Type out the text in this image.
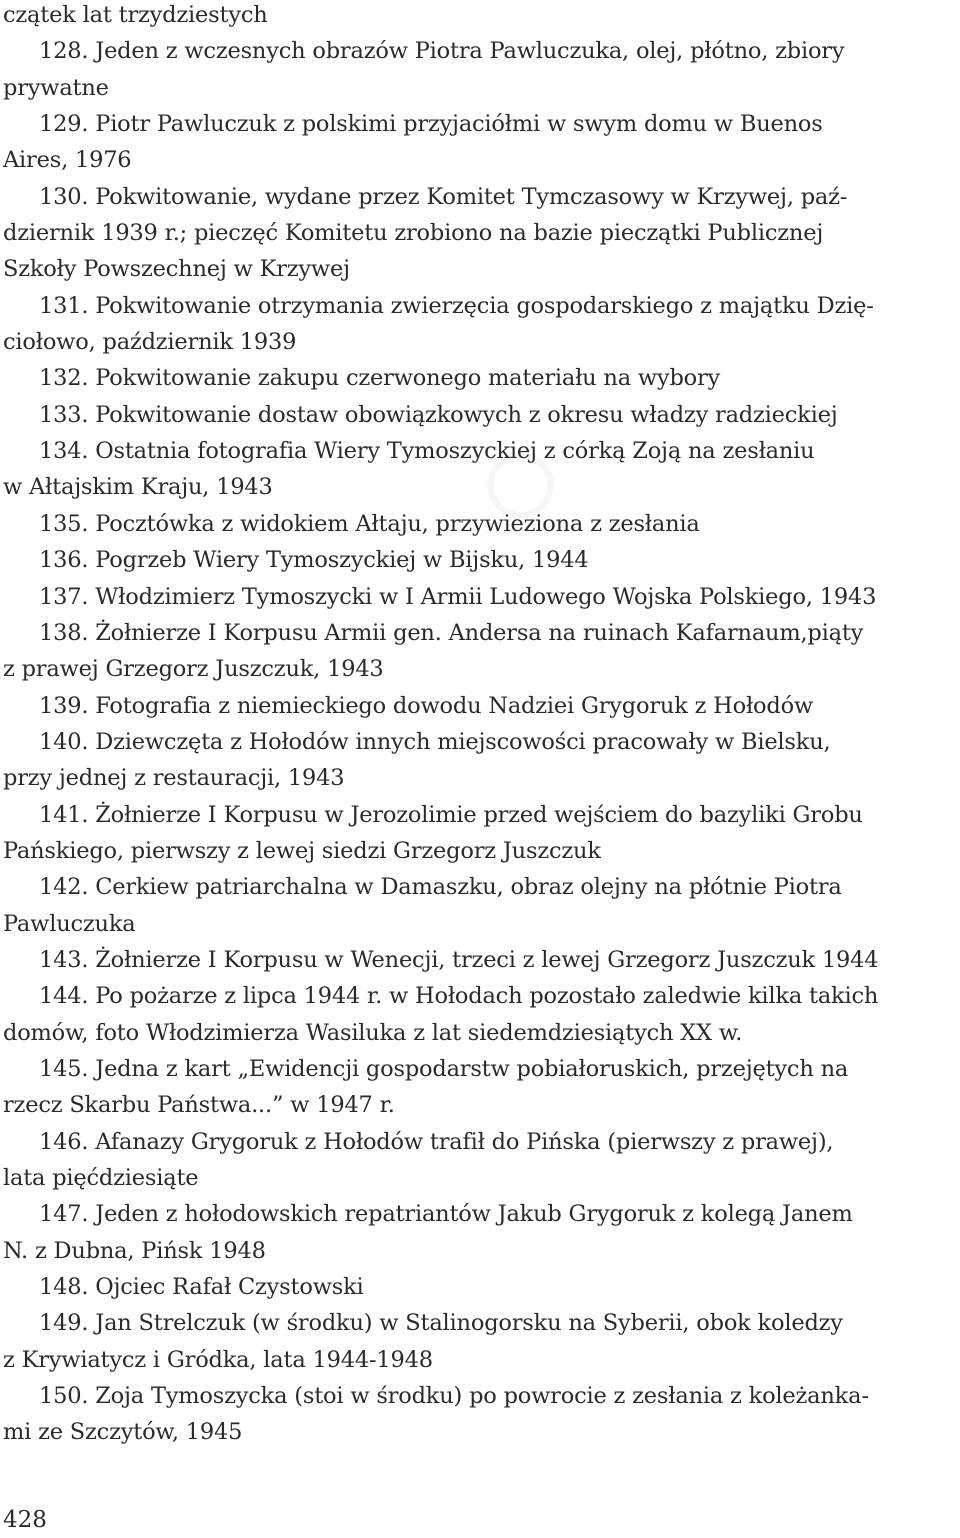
czątek lat trzydziestych
128. Jeden z wczesnych obrazów Piotra Pawluczuka, olej, płótno, zbiory
prywatne
129. Piotr Pawluczuk z polskimi przyjaciółmi w swym domu w Buenos
Aires, 1976
130. Pokwitowanie, wydane przez Komitet Tymczasowy w Krzywej, paź-
dziernik 1939 r.; pieczęć Komitetu zrobiono na bazie pieczątki Publicznej
Szkoły Powszechnej w Krzywej
131. Pokwitowanie otrzymania zwierzęcia gospodarskiego z majątku Dzię-
ciołowo, październik 1939
132. Pokwitowanie zakupu czerwonego materiału na wybory
133. Pokwitowanie dostaw obowiązkowych z okresu władzy radzieckiej
134. Ostatnia fotografia Wiery Tymoszyckiej z córką Zoją na zesłaniu
w Ałtajskim Kraju, 1943
135. Pocztówka z widokiem Ałtaju, przywieziona z zesłania
136. Pogrzeb Wiery Tymoszyckiej w Bijsku, 1944
137. Włodzimierz Tymoszycki w I Armii Ludowego Wojska Polskiego, 1943
138. Żołnierze I Korpusu Armii gen. Andersa na ruinach Kafarnaum,piąty
z prawej Grzegorz Juszczuk, 1943
139. Fotografia z niemieckiego dowodu Nadziei Grygoruk z Hołodów
140. Dziewczęta z Hołodów innych miejscowości pracowały w Bielsku,
przy jednej z restauracji, 1943
141. Żołnierze I Korpusu w Jerozolimie przed wejściem do bazyliki Grobu
Pańskiego, pierwszy z lewej siedzi Grzegorz Juszczuk
142. Cerkiew patriarchalna w Damaszku, obraz olejny na płótnie Piotra
Pawluczuka
143. Żołnierze I Korpusu w Wenecji, trzeci z lewej Grzegorz Juszczuk 1944
144. Po pożarze z lipca 1944 r. w Hołodach pozostało zaledwie kilka takich
domów, foto Włodzimierza Wasiluka z lat siedemdziesiątych XX w.
145. Jedna z kart „Ewidencji gospodarstw pobiałoruskich, przejętych na
rzecz Skarbu Państwa...” w 1947 r.
146. Afanazy Grygoruk z Hołodów trafił do Pińska (pierwszy z prawej),
lata pięćdziesiąte
147. Jeden z hołodowskich repatriantów Jakub Grygoruk z kolegą Janem
N. z Dubna, Pińsk 1948
148. Ojciec Rafał Czystowski
149. Jan Strelczuk (w środku) w Stalinogorsku na Syberii, obok koledzy
z Krywiatycz i Gródka, lata 1944-1948
150. Zoja Tymoszycka (stoi w środku) po powrocie z zesłania z koleżanka-
mi ze Szczytów, 1945
428
